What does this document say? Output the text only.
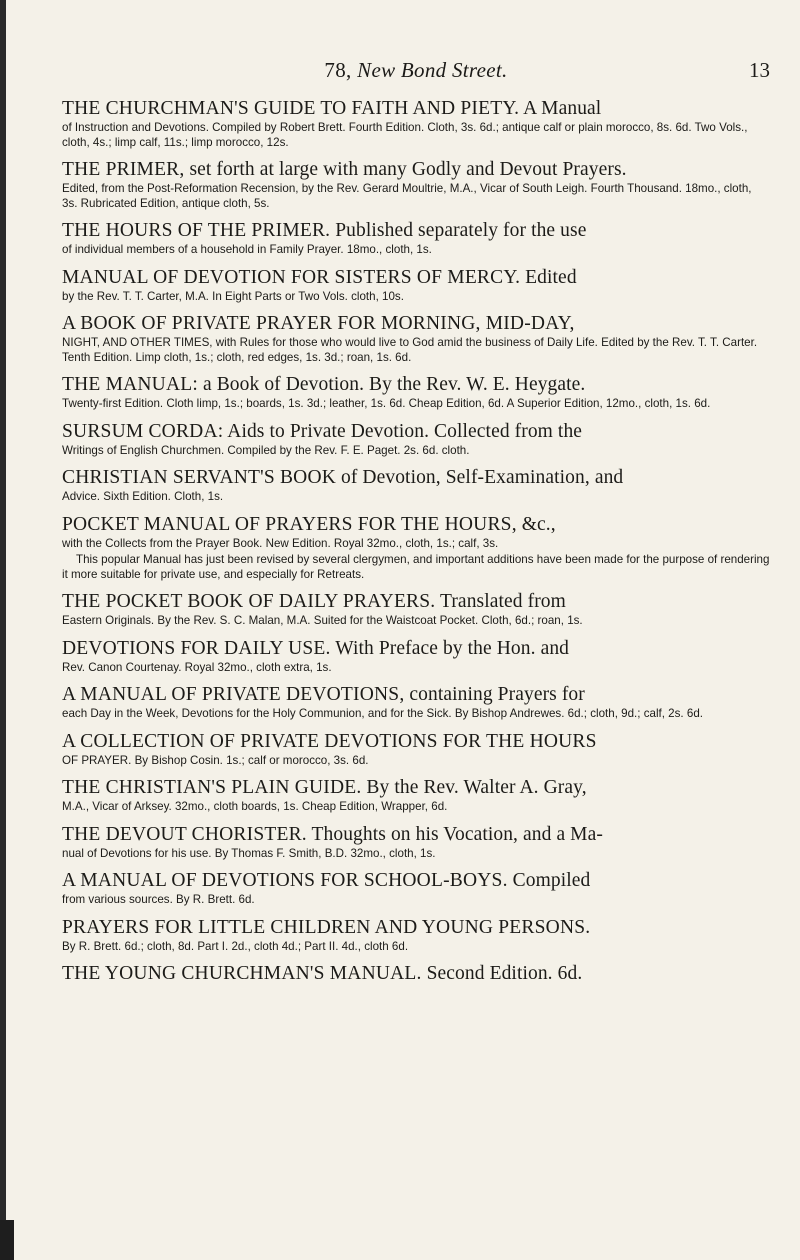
78, New Bond Street.	13
THE CHURCHMAN'S GUIDE TO FAITH AND PIETY. A Manual
of Instruction and Devotions. Compiled by Robert Brett. Fourth Edition. Cloth, 3s. 6d.; antique calf or plain morocco, 8s. 6d. Two Vols., cloth, 4s.; limp calf, 11s.; limp morocco, 12s.
THE PRIMER, set forth at large with many Godly and Devout Prayers.
Edited, from the Post-Reformation Recension, by the Rev. Gerard Moultrie, M.A., Vicar of South Leigh. Fourth Thousand. 18mo., cloth, 3s. Rubricated Edition, antique cloth, 5s.
THE HOURS OF THE PRIMER. Published separately for the use
of individual members of a household in Family Prayer. 18mo., cloth, 1s.
MANUAL OF DEVOTION FOR SISTERS OF MERCY. Edited
by the Rev. T. T. Carter, M.A. In Eight Parts or Two Vols. cloth, 10s.
A BOOK OF PRIVATE PRAYER FOR MORNING, MID-DAY,
NIGHT, AND OTHER TIMES, with Rules for those who would live to God amid the business of Daily Life. Edited by the Rev. T. T. Carter. Tenth Edition. Limp cloth, 1s.; cloth, red edges, 1s. 3d.; roan, 1s. 6d.
THE MANUAL: a Book of Devotion. By the Rev. W. E. Heygate.
Twenty-first Edition. Cloth limp, 1s.; boards, 1s. 3d.; leather, 1s. 6d. Cheap Edition, 6d. A Superior Edition, 12mo., cloth, 1s. 6d.
SURSUM CORDA: Aids to Private Devotion. Collected from the
Writings of English Churchmen. Compiled by the Rev. F. E. Paget. 2s. 6d. cloth.
CHRISTIAN SERVANT'S BOOK of Devotion, Self-Examination, and
Advice. Sixth Edition. Cloth, 1s.
POCKET MANUAL OF PRAYERS FOR THE HOURS, &c.,
with the Collects from the Prayer Book. New Edition. Royal 32mo., cloth, 1s.; calf, 3s.
This popular Manual has just been revised by several clergymen, and important additions have been made for the purpose of rendering it more suitable for private use, and especially for Retreats.
THE POCKET BOOK OF DAILY PRAYERS. Translated from
Eastern Originals. By the Rev. S. C. Malan, M.A. Suited for the Waistcoat Pocket. Cloth, 6d.; roan, 1s.
DEVOTIONS FOR DAILY USE. With Preface by the Hon. and
Rev. Canon Courtenay. Royal 32mo., cloth extra, 1s.
A MANUAL OF PRIVATE DEVOTIONS, containing Prayers for
each Day in the Week, Devotions for the Holy Communion, and for the Sick. By Bishop Andrewes. 6d.; cloth, 9d.; calf, 2s. 6d.
A COLLECTION OF PRIVATE DEVOTIONS FOR THE HOURS
OF PRAYER. By Bishop Cosin. 1s.; calf or morocco, 3s. 6d.
THE CHRISTIAN'S PLAIN GUIDE. By the Rev. Walter A. Gray,
M.A., Vicar of Arksey. 32mo., cloth boards, 1s. Cheap Edition, Wrapper, 6d.
THE DEVOUT CHORISTER. Thoughts on his Vocation, and a Ma-
nual of Devotions for his use. By Thomas F. Smith, B.D. 32mo., cloth, 1s.
A MANUAL OF DEVOTIONS FOR SCHOOL-BOYS. Compiled
from various sources. By R. Brett. 6d.
PRAYERS FOR LITTLE CHILDREN AND YOUNG PERSONS.
By R. Brett. 6d.; cloth, 8d. Part I. 2d., cloth 4d.; Part II. 4d., cloth 6d.
THE YOUNG CHURCHMAN'S MANUAL. Second Edition. 6d.
